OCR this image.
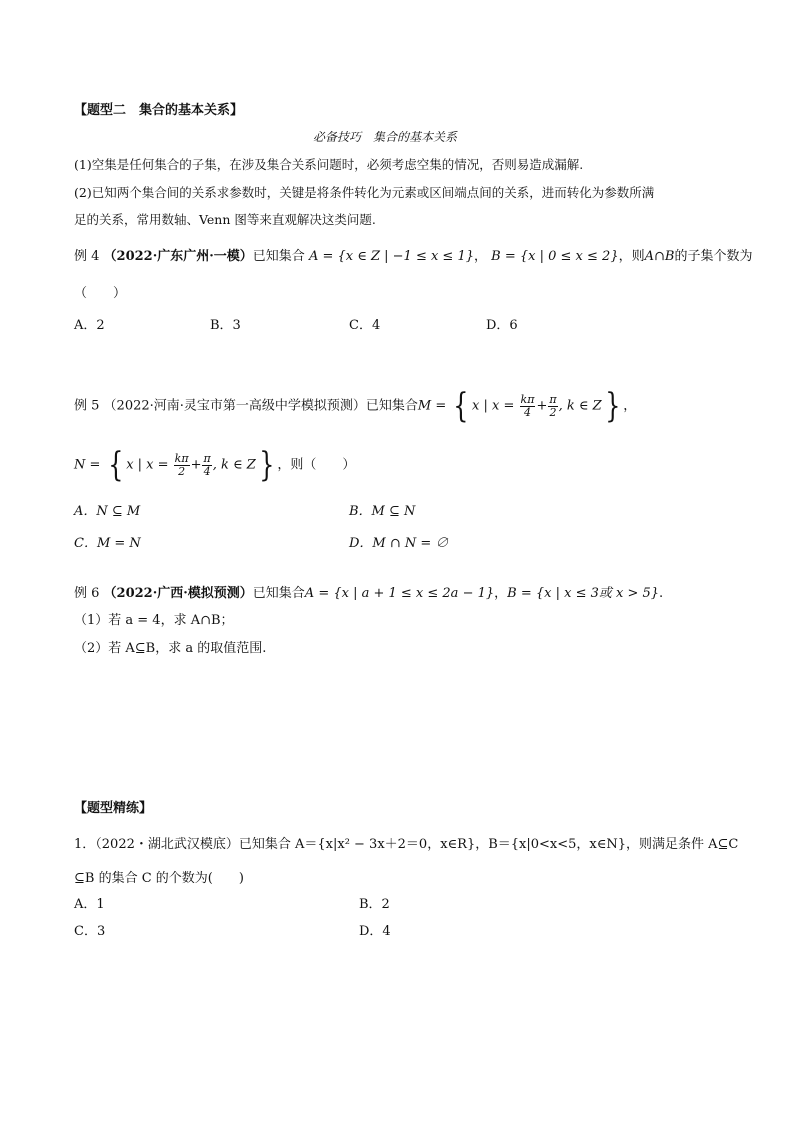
【题型二　集合的基本关系】
必备技巧　集合的基本关系
(1)空集是任何集合的子集，在涉及集合关系问题时，必须考虑空集的情况，否则易造成漏解.
(2)已知两个集合间的关系求参数时，关键是将条件转化为元素或区间端点间的关系，进而转化为参数所满
足的关系，常用数轴、Venn 图等来直观解决这类问题.
例 4 （2022·广东广州·一模）已知集合 A = {x ∈ Z | −1 ≤ x ≤ 1}， B = {x | 0 ≤ x ≤ 2}，则A∩B的子集个数为
（　　）
A．2	B．3	C．4	D．6
例 5 （2022·河南·灵宝市第一高级中学模拟预测）已知集合M = { x | $x = \frac{k\pi}{4} + \frac{\pi}{2}$ , k ∈ Z} ，
N = { x | $x = \frac{k\pi}{2} + \frac{\pi}{4}$ , k ∈ Z} ，则（　　）
A．N ⊆ M	B．M ⊆ N
C．M = N	D．M ∩ N = ∅
例 6 （2022·广西·模拟预测）已知集合A = {x | a + 1 ≤ x ≤ 2a − 1}，B = {x | x ≤ 3或 x > 5}.
（1）若 a = 4，求 A∩B；
（2）若 A⊆B，求 a 的取值范围.
【题型精练】
1．（2022・湖北武汉模底）已知集合 A＝{x|x² − 3x＋2＝0，x∈R}，B＝{x|0<x<5，x∈N}，则满足条件 A⊆C
⊆B 的集合 C 的个数为(　　)
A．1	B．2
C．3	D．4
